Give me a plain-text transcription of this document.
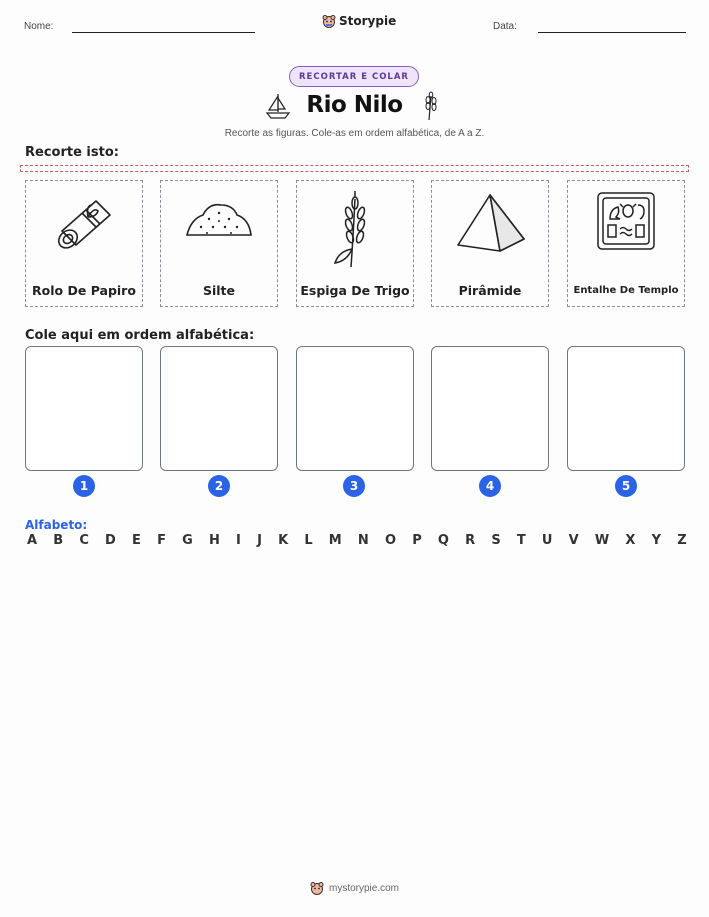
Nome:	Storypie	Data:
RECORTAR E COLAR
Rio Nilo
Recorte as figuras. Cole-as em ordem alfabética, de A a Z.
Recorte isto:
Rolo De Papiro	Silte	Espiga De Trigo	Pirâmide	Entalhe De Templo
Cole aqui em ordem alfabética:
1	2	3	4	5
Alfabeto:
A B C D E F G H I J K L M N O P Q R S T U V W X Y Z
mystorypie.com
